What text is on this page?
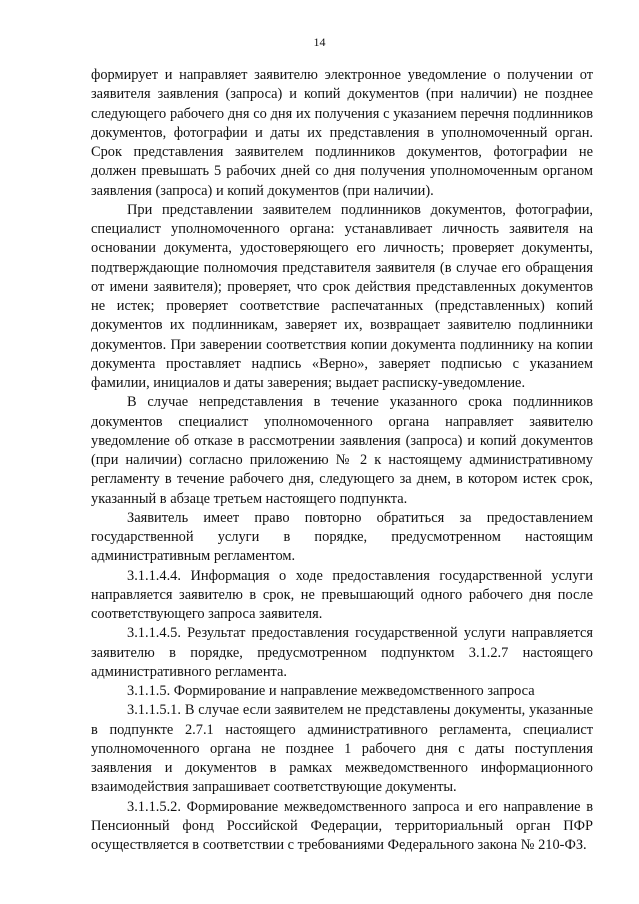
14

формирует и направляет заявителю электронное уведомление о получении от заявителя заявления (запроса) и копий документов (при наличии) не позднее следующего рабочего дня со дня их получения с указанием перечня подлинников документов, фотографии и даты их представления в уполномоченный орган. Срок представления заявителем подлинников документов, фотографии не должен превышать 5 рабочих дней со дня получения уполномоченным органом заявления (запроса) и копий документов (при наличии).

При представлении заявителем подлинников документов, фотографии, специалист уполномоченного органа: устанавливает личность заявителя на основании документа, удостоверяющего его личность; проверяет документы, подтверждающие полномочия представителя заявителя (в случае его обращения от имени заявителя); проверяет, что срок действия представленных документов не истек; проверяет соответствие распечатанных (представленных) копий документов их подлинникам, заверяет их, возвращает заявителю подлинники документов. При заверении соответствия копии документа подлиннику на копии документа проставляет надпись «Верно», заверяет подписью с указанием фамилии, инициалов и даты заверения; выдает расписку-уведомление.

В случае непредставления в течение указанного срока подлинников документов специалист уполномоченного органа направляет заявителю уведомление об отказе в рассмотрении заявления (запроса) и копий документов (при наличии) согласно приложению № 2 к настоящему административному регламенту в течение рабочего дня, следующего за днем, в котором истек срок, указанный в абзаце третьем настоящего подпункта.

Заявитель имеет право повторно обратиться за предоставлением государственной услуги в порядке, предусмотренном настоящим административным регламентом.

3.1.1.4.4. Информация о ходе предоставления государственной услуги направляется заявителю в срок, не превышающий одного рабочего дня после соответствующего запроса заявителя.

3.1.1.4.5. Результат предоставления государственной услуги направляется заявителю в порядке, предусмотренном подпунктом 3.1.2.7 настоящего административного регламента.

3.1.1.5. Формирование и направление межведомственного запроса

3.1.1.5.1. В случае если заявителем не представлены документы, указанные в подпункте 2.7.1 настоящего административного регламента, специалист уполномоченного органа не позднее 1 рабочего дня с даты поступления заявления и документов в рамках межведомственного информационного взаимодействия запрашивает соответствующие документы.

3.1.1.5.2. Формирование межведомственного запроса и его направление в Пенсионный фонд Российской Федерации, территориальный орган ПФР осуществляется в соответствии с требованиями Федерального закона № 210-ФЗ.
